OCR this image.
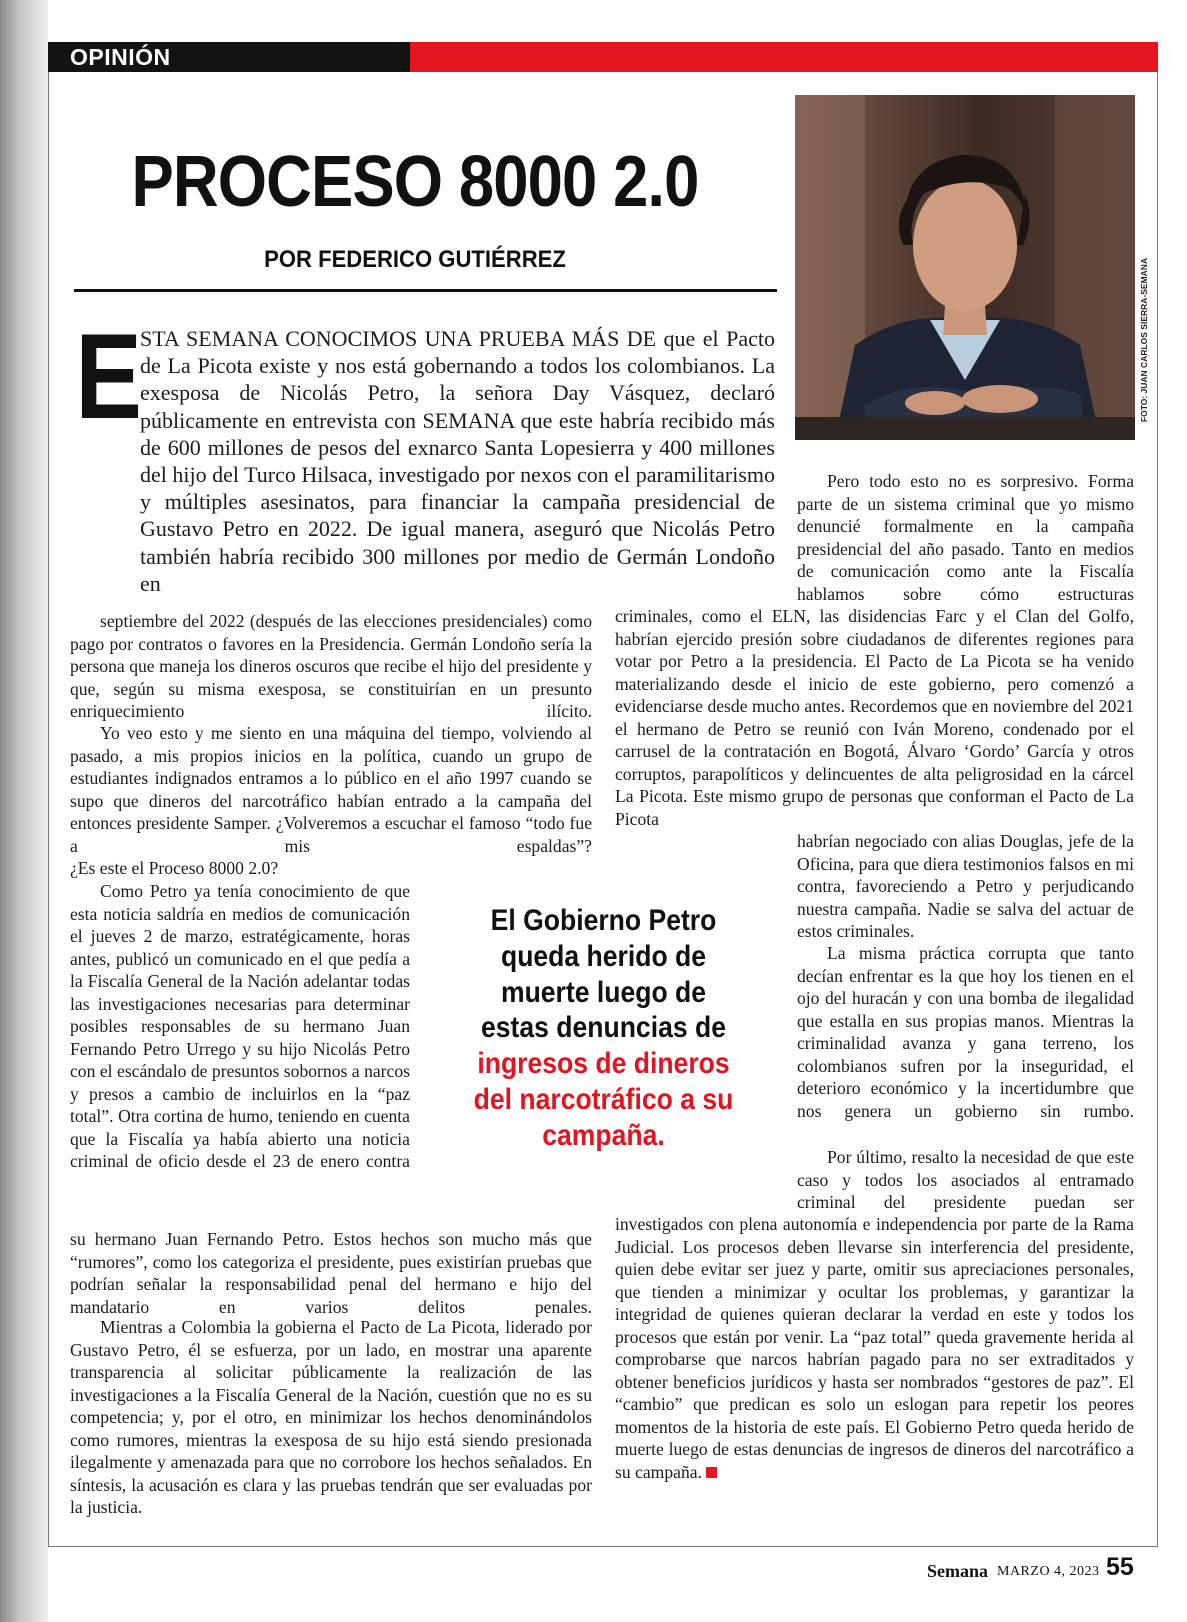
OPINIÓN
PROCESO 8000 2.0
POR FEDERICO GUTIÉRREZ	FOTO: JUAN CARLOS SIERRA-SEMANA
E

STA SEMANA CONOCIMOS UNA PRUEBA MÁS DE que el Pacto de La Picota existe y nos está gobernando a todos los colombianos. La exesposa de Nicolás Petro, la señora Day Vásquez, declaró públicamente en entrevista con SEMANA que este habría recibido más de 600 millones de pesos del exnarco Santa Lopesierra y 400 millones del hijo del Turco Hilsaca, investigado por nexos con el paramilitarismo y múltiples asesinatos, para financiar la campaña presidencial de Gustavo Petro en 2022. De igual manera, aseguró que Nicolás Petro también habría recibido 300 millones por medio de Germán Londoño en

septiembre del 2022 (después de las elecciones presidenciales) como pago por contratos o favores en la Presidencia. Germán Londoño sería la persona que maneja los dineros oscuros que recibe el hijo del presidente y que, según su misma exesposa, se constituirían en un presunto enriquecimiento ilícito.
Yo veo esto y me siento en una máquina del tiempo, volviendo al pasado, a mis propios inicios en la política, cuando un grupo de estudiantes indignados entramos a lo público en el año 1997 cuando se supo que dineros del narcotráfico habían entrado a la campaña del entonces presidente Samper. ¿Volveremos a escuchar el famoso “todo fue a mis espaldas”?
¿Es este el Proceso 8000 2.0?
Como Petro ya tenía conocimiento de que esta noticia saldría en medios de comunicación el jueves 2 de marzo, estratégicamente, horas antes, publicó un comunicado en el que pedía a la Fiscalía General de la Nación adelantar todas las investigaciones necesarias para determinar posibles responsables de su hermano Juan Fernando Petro Urrego y su hijo Nicolás Petro con el escándalo de presuntos sobornos a narcos y presos a cambio de incluirlos en la “paz total”. Otra cortina de humo, teniendo en cuenta que la Fiscalía ya había abierto una noticia criminal de oficio desde el 23 de enero contra
su hermano Juan Fernando Petro. Estos hechos son mucho más que “rumores”, como los categoriza el presidente, pues existirían pruebas que podrían señalar la responsabilidad penal del hermano e hijo del mandatario en varios delitos penales.
Mientras a Colombia la gobierna el Pacto de La Picota, liderado por Gustavo Petro, él se esfuerza, por un lado, en mostrar una aparente transparencia al solicitar públicamente la realización de las investigaciones a la Fiscalía General de la Nación, cuestión que no es su competencia; y, por el otro, en minimizar los hechos denominándolos como rumores, mientras la exesposa de su hijo está siendo presionada ilegalmente y amenazada para que no corrobore los hechos señalados. En síntesis, la acusación es clara y las pruebas tendrán que ser evaluadas por la justicia.
Pero todo esto no es sorpresivo. Forma parte de un sistema criminal que yo mismo denuncié formalmente en la campaña presidencial del año pasado. Tanto en medios de comunicación como ante la Fiscalía hablamos sobre cómo estructuras
criminales, como el ELN, las disidencias Farc y el Clan del Golfo, habrían ejercido presión sobre ciudadanos de diferentes regiones para votar por Petro a la presidencia. El Pacto de La Picota se ha venido materializando desde el inicio de este gobierno, pero comenzó a evidenciarse desde mucho antes. Recordemos que en noviembre del 2021 el hermano de Petro se reunió con Iván Moreno, condenado por el carrusel de la contratación en Bogotá, Álvaro ‘Gordo’ García y otros corruptos, parapolíticos y delincuentes de alta peligrosidad en la cárcel La Picota. Este mismo grupo de personas que conforman el Pacto de La Picota
habrían negociado con alias Douglas, jefe de la Oficina, para que diera testimonios falsos en mi contra, favoreciendo a Petro y perjudicando nuestra campaña. Nadie se salva del actuar de estos criminales.
La misma práctica corrupta que tanto decían enfrentar es la que hoy los tienen en el ojo del huracán y con una bomba de ilegalidad que estalla en sus propias manos. Mientras la criminalidad avanza y gana terreno, los colombianos sufren por la inseguridad, el deterioro económico y la incertidumbre que nos genera un gobierno sin rumbo.
Por último, resalto la necesidad de que este caso y todos los asociados al entramado criminal del presidente puedan ser
investigados con plena autonomía e independencia por parte de la Rama Judicial. Los procesos deben llevarse sin interferencia del presidente, quien debe evitar ser juez y parte, omitir sus apreciaciones personales, que tienden a minimizar y ocultar los problemas, y garantizar la integridad de quienes quieran declarar la verdad en este y todos los procesos que están por venir. La “paz total” queda gravemente herida al comprobarse que narcos habrían pagado para no ser extraditados y obtener beneficios jurídicos y hasta ser nombrados “gestores de paz”. El “cambio” que predican es solo un eslogan para repetir los peores momentos de la historia de este país. El Gobierno Petro queda herido de muerte luego de estas denuncias de ingresos de dineros del narcotráfico a su campaña.
El Gobierno Petro queda herido de muerte luego de estas denuncias de ingresos de dineros del narcotráfico a su campaña.
Semana MARZO 4, 2023 55
